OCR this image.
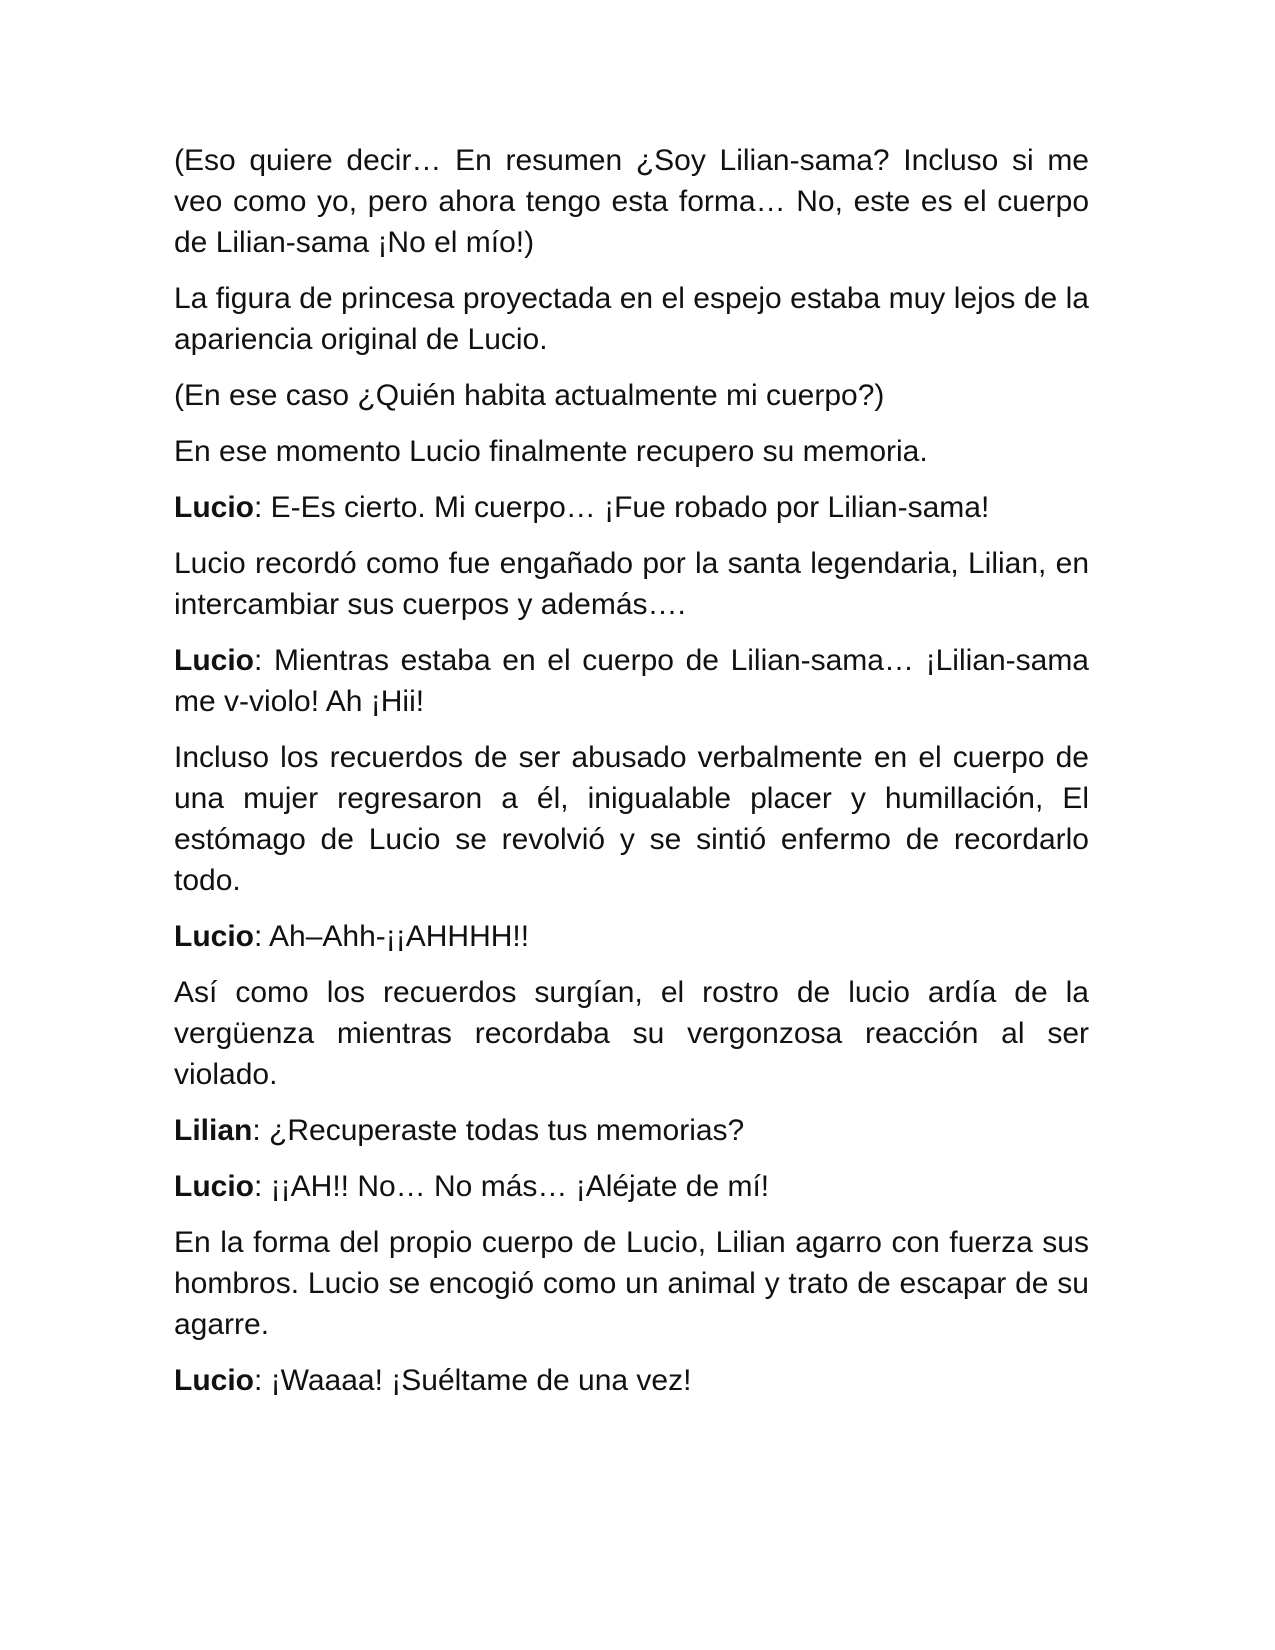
(Eso quiere decir… En resumen ¿Soy Lilian-sama? Incluso si me veo como yo, pero ahora tengo esta forma… No, este es el cuerpo de Lilian-sama ¡No el mío!)

La figura de princesa proyectada en el espejo estaba muy lejos de la apariencia original de Lucio.

(En ese caso ¿Quién habita actualmente mi cuerpo?)

En ese momento Lucio finalmente recupero su memoria.

Lucio: E-Es cierto. Mi cuerpo… ¡Fue robado por Lilian-sama!

Lucio recordó como fue engañado por la santa legendaria, Lilian, en intercambiar sus cuerpos y además….

Lucio: Mientras estaba en el cuerpo de Lilian-sama… ¡Lilian-sama me v-violo! Ah ¡Hii!

Incluso los recuerdos de ser abusado verbalmente en el cuerpo de una mujer regresaron a él, inigualable placer y humillación, El estómago de Lucio se revolvió y se sintió enfermo de recordarlo todo.

Lucio: Ah–Ahh-¡¡AHHHH!!

Así como los recuerdos surgían, el rostro de lucio ardía de la vergüenza mientras recordaba su vergonzosa reacción al ser violado.

Lilian: ¿Recuperaste todas tus memorias?

Lucio: ¡¡AH!! No… No más… ¡Aléjate de mí!

En la forma del propio cuerpo de Lucio, Lilian agarro con fuerza sus hombros. Lucio se encogió como un animal y trato de escapar de su agarre.

Lucio: ¡Waaaa! ¡Suéltame de una vez!
